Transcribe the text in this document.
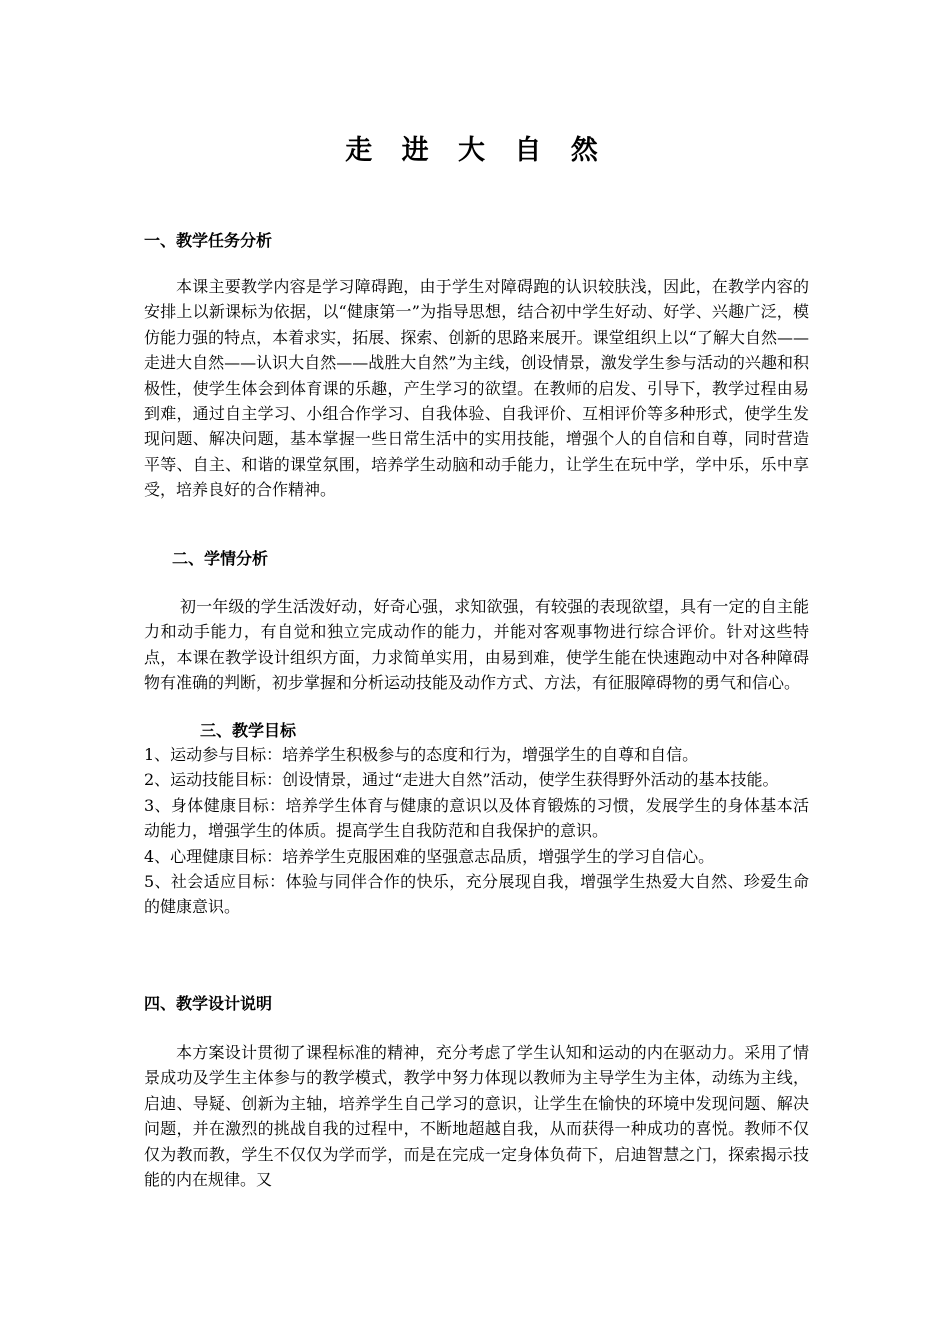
走 进 大 自 然
一、教学任务分析
本课主要教学内容是学习障碍跑，由于学生对障碍跑的认识较肤浅，因此，在教学内容的安排上以新课标为依据，以“健康第一”为指导思想，结合初中学生好动、好学、兴趣广泛，模仿能力强的特点，本着求实，拓展、探索、创新的思路来展开。课堂组织上以“了解大自然——走进大自然——认识大自然——战胜大自然”为主线，创设情景，激发学生参与活动的兴趣和积极性，使学生体会到体育课的乐趣，产生学习的欲望。在教师的启发、引导下，教学过程由易到难，通过自主学习、小组合作学习、自我体验、自我评价、互相评价等多种形式，使学生发现问题、解决问题，基本掌握一些日常生活中的实用技能，增强个人的自信和自尊，同时营造平等、自主、和谐的课堂氛围，培养学生动脑和动手能力，让学生在玩中学，学中乐，乐中享受，培养良好的合作精神。
二、学情分析
初一年级的学生活泼好动，好奇心强，求知欲强，有较强的表现欲望，具有一定的自主能力和动手能力，有自觉和独立完成动作的能力，并能对客观事物进行综合评价。针对这些特点，本课在教学设计组织方面，力求简单实用，由易到难，使学生能在快速跑动中对各种障碍物有准确的判断，初步掌握和分析运动技能及动作方式、方法，有征服障碍物的勇气和信心。
三、教学目标
1、运动参与目标：培养学生积极参与的态度和行为，增强学生的自尊和自信。
2、运动技能目标：创设情景，通过“走进大自然”活动，使学生获得野外活动的基本技能。
3、身体健康目标：培养学生体育与健康的意识以及体育锻炼的习惯，发展学生的身体基本活动能力，增强学生的体质。提高学生自我防范和自我保护的意识。
4、心理健康目标：培养学生克服困难的坚强意志品质，增强学生的学习自信心。
5、社会适应目标：体验与同伴合作的快乐，充分展现自我，增强学生热爱大自然、珍爱生命的健康意识。
四、教学设计说明
本方案设计贯彻了课程标准的精神，充分考虑了学生认知和运动的内在驱动力。采用了情景成功及学生主体参与的教学模式，教学中努力体现以教师为主导学生为主体，动练为主线，启迪、导疑、创新为主轴，培养学生自己学习的意识，让学生在愉快的环境中发现问题、解决问题，并在激烈的挑战自我的过程中，不断地超越自我，从而获得一种成功的喜悦。教师不仅仅为教而教，学生不仅仅为学而学，而是在完成一定身体负荷下，启迪智慧之门，探索揭示技能的内在规律。又
